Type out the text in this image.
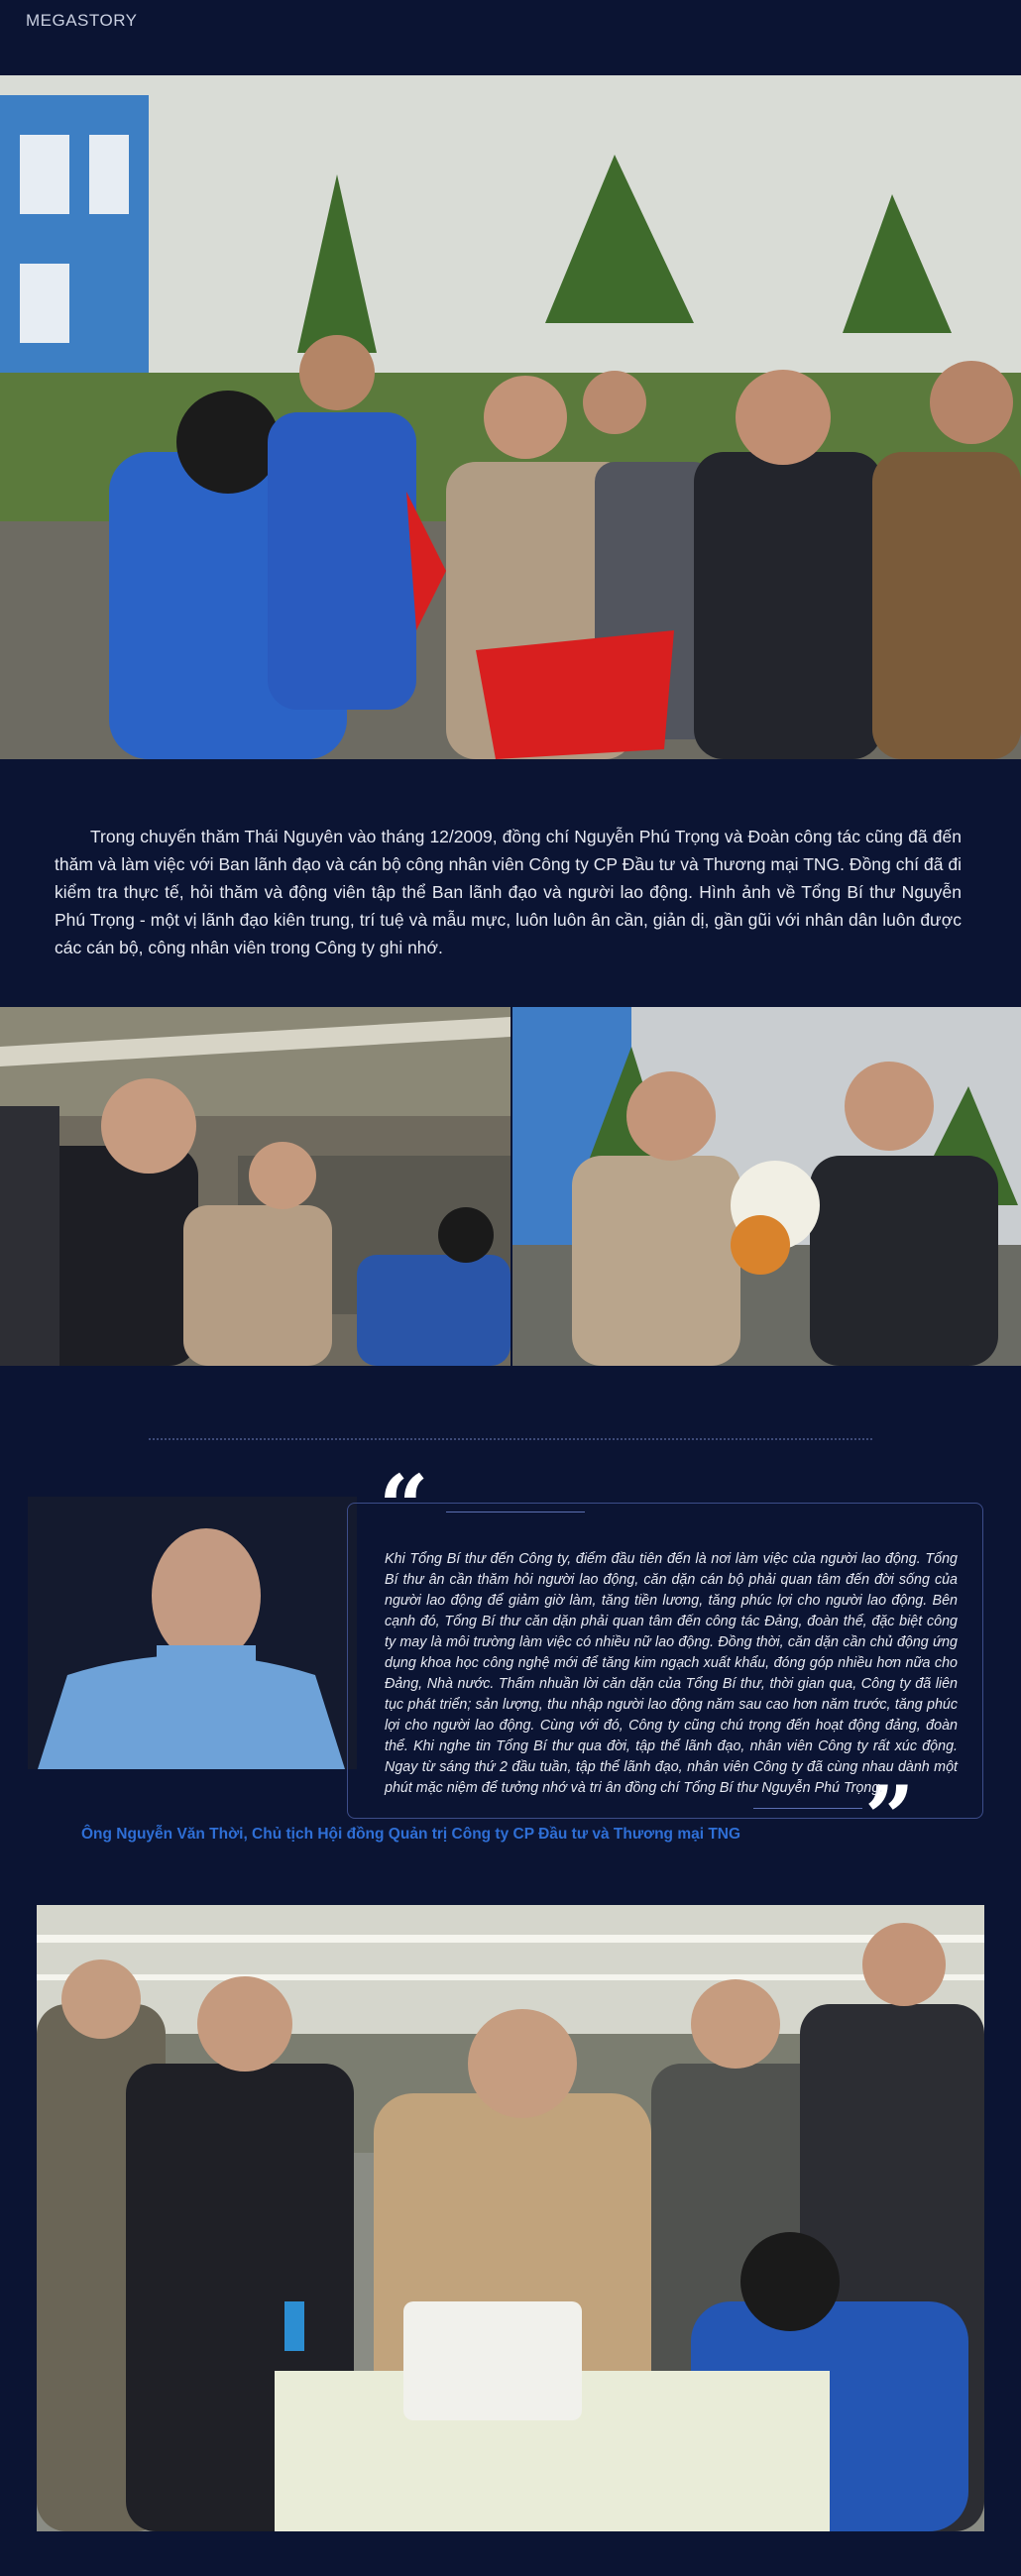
MEGASTORY

Trong chuyến thăm Thái Nguyên vào tháng 12/2009, đồng chí Nguyễn Phú Trọng và Đoàn công tác cũng đã đến thăm và làm việc với Ban lãnh đạo và cán bộ công nhân viên Công ty CP Đầu tư và Thương mại TNG. Đồng chí đã đi kiểm tra thực tế, hỏi thăm và động viên tập thể Ban lãnh đạo và người lao động. Hình ảnh về Tổng Bí thư Nguyễn Phú Trọng - một vị lãnh đạo kiên trung, trí tuệ và mẫu mực, luôn luôn ân cần, giản dị, gần gũi với nhân dân luôn được các cán bộ, công nhân viên trong Công ty ghi nhớ.

“
”

Khi Tổng Bí thư đến Công ty, điểm đầu tiên đến là nơi làm việc của người lao động. Tổng Bí thư ân cần thăm hỏi người lao động, căn dặn cán bộ phải quan tâm đến đời sống của người lao động để giảm giờ làm, tăng tiền lương, tăng phúc lợi cho người lao động. Bên cạnh đó, Tổng Bí thư căn dặn phải quan tâm đến công tác Đảng, đoàn thể, đặc biệt công ty may là môi trường làm việc có nhiều nữ lao động. Đồng thời, căn dặn cần chủ động ứng dụng khoa học công nghệ mới để tăng kim ngạch xuất khẩu, đóng góp nhiều hơn nữa cho Đảng, Nhà nước. Thấm nhuần lời căn dặn của Tổng Bí thư, thời gian qua, Công ty đã liên tục phát triển; sản lượng, thu nhập người lao động năm sau cao hơn năm trước, tăng phúc lợi cho người lao động. Cùng với đó, Công ty cũng chú trọng đến hoạt động đảng, đoàn thể. Khi nghe tin Tổng Bí thư qua đời, tập thể lãnh đạo, nhân viên Công ty rất xúc động. Ngay từ sáng thứ 2 đầu tuần, tập thể lãnh đạo, nhân viên Công ty đã cùng nhau dành một phút mặc niệm để tưởng nhớ và tri ân đồng chí Tổng Bí thư Nguyễn Phú Trọng.

Ông Nguyễn Văn Thời, Chủ tịch Hội đồng Quản trị Công ty CP Đầu tư và Thương mại TNG
